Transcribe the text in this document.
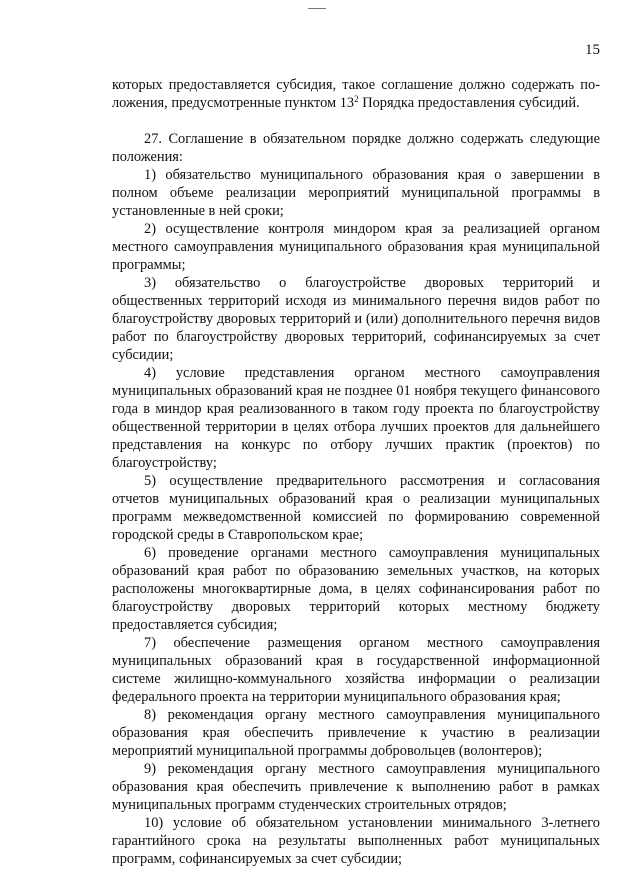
15

которых предоставляется субсидия, такое соглашение должно содержать по- ложения, предусмотренные пунктом $13^2$ Порядка предоставления субсидий.

27. Соглашение в обязательном порядке должно содержать следующие положения:

1) обязательство муниципального образования края о завершении в полном объеме реализации мероприятий муниципальной программы в установленные в ней сроки;

2) осуществление контроля миндором края за реализацией органом местного самоуправления муниципального образования края муниципальной программы;

3) обязательство о благоустройстве дворовых территорий и общественных территорий исходя из минимального перечня видов работ по благоустройству дворовых территорий и (или) дополнительного перечня видов работ по благоустройству дворовых территорий, софинансируемых за счет субсидии;

4) условие представления органом местного самоуправления муниципальных образований края не позднее 01 ноября текущего финансового года в миндор края реализованного в таком году проекта по благоустройству общественной территории в целях отбора лучших проектов для дальнейшего представления на конкурс по отбору лучших практик (проектов) по благоустройству;

5) осуществление предварительного рассмотрения и согласования отчетов муниципальных образований края о реализации муниципальных программ межведомственной комиссией по формированию современной городской среды в Ставропольском крае;

6) проведение органами местного самоуправления муниципальных образований края работ по образованию земельных участков, на которых расположены многоквартирные дома, в целях софинансирования работ по благоустройству дворовых территорий которых местному бюджету предоставляется субсидия;

7) обеспечение размещения органом местного самоуправления муниципальных образований края в государственной информационной системе жилищно-коммунального хозяйства информации о реализации федерального проекта на территории муниципального образования края;

8) рекомендация органу местного самоуправления муниципального образования края обеспечить привлечение к участию в реализации мероприятий муниципальной программы добровольцев (волонтеров);

9) рекомендация органу местного самоуправления муниципального образования края обеспечить привлечение к выполнению работ в рамках муниципальных программ студенческих строительных отрядов;

10) условие об обязательном установлении минимального 3-летнего гарантийного срока на результаты выполненных работ муниципальных программ, софинансируемых за счет субсидии;
